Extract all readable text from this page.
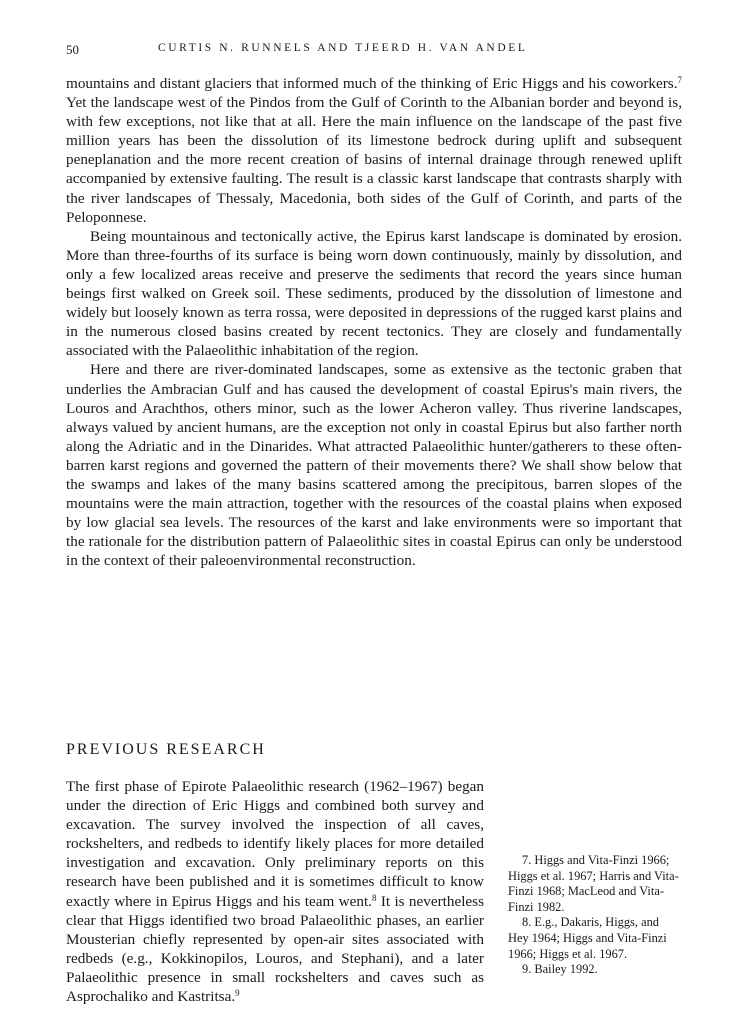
50	CURTIS N. RUNNELS AND TJEERD H. VAN ANDEL

mountains and distant glaciers that informed much of the thinking of Eric Higgs and his coworkers.$^7$ Yet the landscape west of the Pindos from the Gulf of Corinth to the Albanian border and beyond is, with few exceptions, not like that at all. Here the main influence on the landscape of the past five million years has been the dissolution of its limestone bedrock during uplift and subsequent peneplanation and the more recent creation of basins of internal drainage through renewed uplift accompanied by extensive faulting. The result is a classic karst landscape that contrasts sharply with the river landscapes of Thessaly, Macedonia, both sides of the Gulf of Corinth, and parts of the Peloponnese.

Being mountainous and tectonically active, the Epirus karst landscape is dominated by erosion. More than three-fourths of its surface is being worn down continuously, mainly by dissolution, and only a few localized areas receive and preserve the sediments that record the years since human beings first walked on Greek soil. These sediments, produced by the dissolution of limestone and widely but loosely known as terra rossa, were deposited in depressions of the rugged karst plains and in the numerous closed basins created by recent tectonics. They are closely and fundamentally associated with the Palaeolithic inhabitation of the region.

Here and there are river-dominated landscapes, some as extensive as the tectonic graben that underlies the Ambracian Gulf and has caused the development of coastal Epirus's main rivers, the Louros and Arachthos, others minor, such as the lower Acheron valley. Thus riverine landscapes, always valued by ancient humans, are the exception not only in coastal Epirus but also farther north along the Adriatic and in the Dinarides. What attracted Palaeolithic hunter/gatherers to these often-barren karst regions and governed the pattern of their movements there? We shall show below that the swamps and lakes of the many basins scattered among the precipitous, barren slopes of the mountains were the main attraction, together with the resources of the coastal plains when exposed by low glacial sea levels. The resources of the karst and lake environments were so important that the rationale for the distribution pattern of Palaeolithic sites in coastal Epirus can only be understood in the context of their paleoenvironmental reconstruction.

PREVIOUS RESEARCH

The first phase of Epirote Palaeolithic research (1962–1967) began under the direction of Eric Higgs and combined both survey and excavation. The survey involved the inspection of all caves, rockshelters, and redbeds to identify likely places for more detailed investigation and excavation. Only preliminary reports on this research have been published and it is sometimes difficult to know exactly where in Epirus Higgs and his team went.$^8$ It is nevertheless clear that Higgs identified two broad Palaeolithic phases, an earlier Mousterian chiefly represented by open-air sites associated with redbeds (e.g., Kokkinopilos, Louros, and Stephani), and a later Palaeolithic presence in small rockshelters and caves such as Asprochaliko and Kastritsa.$^9$

7. Higgs and Vita-Finzi 1966; Higgs et al. 1967; Harris and Vita-Finzi 1968; MacLeod and Vita-Finzi 1982.

8. E.g., Dakaris, Higgs, and Hey 1964; Higgs and Vita-Finzi 1966; Higgs et al. 1967.

9. Bailey 1992.
